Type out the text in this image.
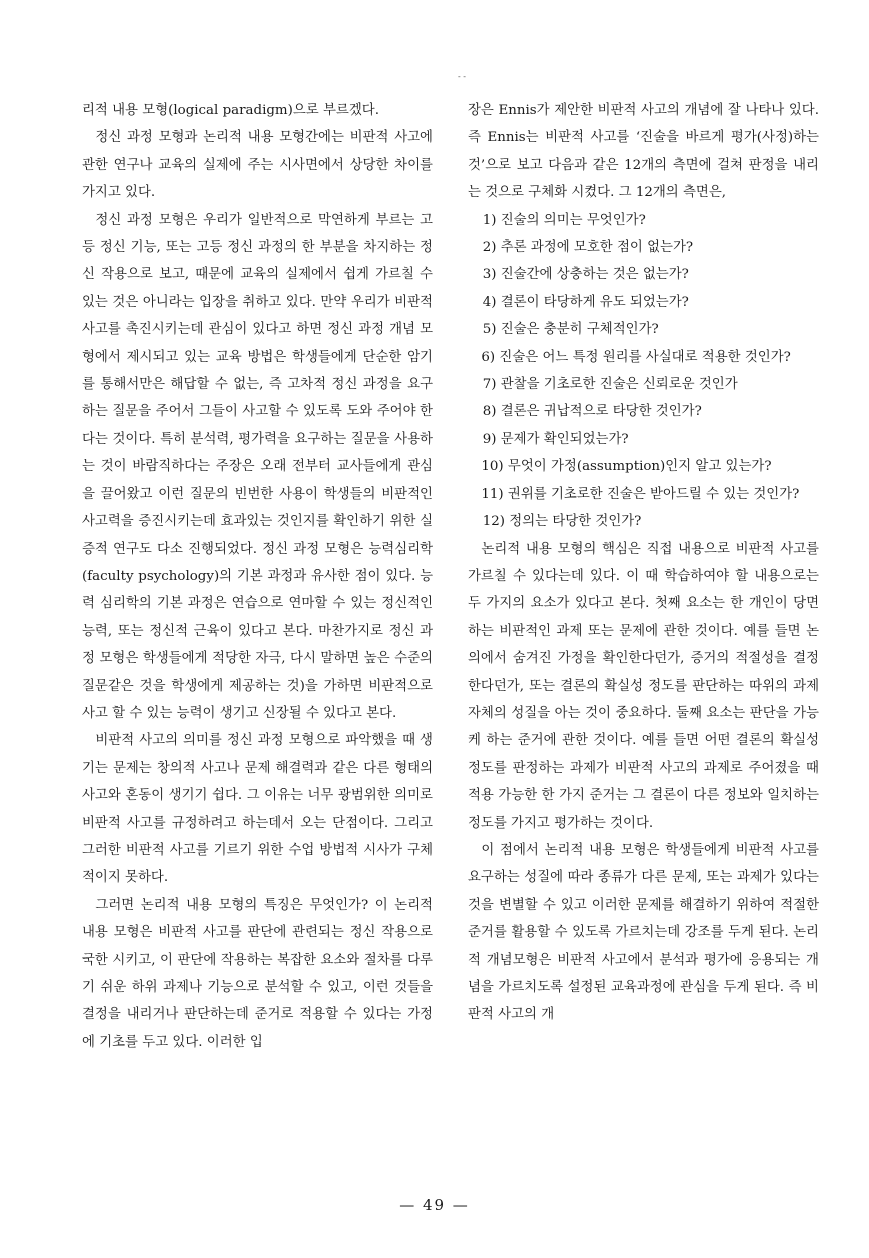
- -

리적 내용 모형(logical paradigm)으로 부르겠다.

정신 과정 모형과 논리적 내용 모형간에는 비판적 사고에 관한 연구나 교육의 실제에 주는 시사면에서 상당한 차이를 가지고 있다.

정신 과정 모형은 우리가 일반적으로 막연하게 부르는 고등 정신 기능, 또는 고등 정신 과정의 한 부분을 차지하는 정신 작용으로 보고, 때문에 교육의 실제에서 쉽게 가르칠 수 있는 것은 아니라는 입장을 취하고 있다. 만약 우리가 비판적 사고를 촉진시키는데 관심이 있다고 하면 정신 과정 개념 모형에서 제시되고 있는 교육 방법은 학생들에게 단순한 암기를 통해서만은 해답할 수 없는, 즉 고차적 정신 과정을 요구하는 질문을 주어서 그들이 사고할 수 있도록 도와 주어야 한다는 것이다. 특히 분석력, 평가력을 요구하는 질문을 사용하는 것이 바람직하다는 주장은 오래 전부터 교사들에게 관심을 끌어왔고 이런 질문의 빈번한 사용이 학생들의 비판적인 사고력을 증진시키는데 효과있는 것인지를 확인하기 위한 실증적 연구도 다소 진행되었다. 정신 과정 모형은 능력심리학(faculty psychology)의 기본 과정과 유사한 점이 있다. 능력 심리학의 기본 과정은 연습으로 연마할 수 있는 정신적인 능력, 또는 정신적 근육이 있다고 본다. 마찬가지로 정신 과정 모형은 학생들에게 적당한 자극, 다시 말하면 높은 수준의 질문같은 것을 학생에게 제공하는 것)을 가하면 비판적으로 사고 할 수 있는 능력이 생기고 신장될 수 있다고 본다.

비판적 사고의 의미를 정신 과정 모형으로 파악했을 때 생기는 문제는 창의적 사고나 문제 해결력과 같은 다른 형태의 사고와 혼동이 생기기 쉽다. 그 이유는 너무 광범위한 의미로 비판적 사고를 규정하려고 하는데서 오는 단점이다. 그리고 그러한 비판적 사고를 기르기 위한 수업 방법적 시사가 구체적이지 못하다.

그러면 논리적 내용 모형의 특징은 무엇인가? 이 논리적 내용 모형은 비판적 사고를 판단에 관련되는 정신 작용으로 국한 시키고, 이 판단에 작용하는 복잡한 요소와 절차를 다루기 쉬운 하위 과제나 기능으로 분석할 수 있고, 이런 것들을 결정을 내리거나 판단하는데 준거로 적용할 수 있다는 가정에 기초를 두고 있다. 이러한 입

장은 Ennis가 제안한 비판적 사고의 개념에 잘 나타나 있다. 즉 Ennis는 비판적 사고를 ‘진술을 바르게 평가(사정)하는 것’으로 보고 다음과 같은 12개의 측면에 걸쳐 판정을 내리는 것으로 구체화 시켰다. 그 12개의 측면은,

1) 진술의 의미는 무엇인가?

2) 추론 과정에 모호한 점이 없는가?

3) 진술간에 상충하는 것은 없는가?

4) 결론이 타당하게 유도 되었는가?

5) 진술은 충분히 구체적인가?

6) 진술은 어느 특정 원리를 사실대로 적용한 것인가?

7) 관찰을 기초로한 진술은 신뢰로운 것인가

8) 결론은 귀납적으로 타당한 것인가?

9) 문제가 확인되었는가?

10) 무엇이 가정(assumption)인지 알고 있는가?

11) 권위를 기초로한 진술은 받아드릴 수 있는 것인가?

12) 정의는 타당한 것인가?

논리적 내용 모형의 핵심은 직접 내용으로 비판적 사고를 가르칠 수 있다는데 있다. 이 때 학습하여야 할 내용으로는 두 가지의 요소가 있다고 본다. 첫째 요소는 한 개인이 당면하는 비판적인 과제 또는 문제에 관한 것이다. 예를 들면 논의에서 숨겨진 가정을 확인한다던가, 증거의 적절성을 결정한다던가, 또는 결론의 확실성 정도를 판단하는 따위의 과제 자체의 성질을 아는 것이 중요하다. 둘째 요소는 판단을 가능케 하는 준거에 관한 것이다. 예를 들면 어떤 결론의 확실성 정도를 판정하는 과제가 비판적 사고의 과제로 주어졌을 때 적용 가능한 한 가지 준거는 그 결론이 다른 정보와 일치하는 정도를 가지고 평가하는 것이다.

이 점에서 논리적 내용 모형은 학생들에게 비판적 사고를 요구하는 성질에 따라 종류가 다른 문제, 또는 과제가 있다는 것을 변별할 수 있고 이러한 문제를 해결하기 위하여 적절한 준거를 활용할 수 있도록 가르치는데 강조를 두게 된다. 논리적 개념모형은 비판적 사고에서 분석과 평가에 응용되는 개념을 가르치도록 설정된 교육과정에 관심을 두게 된다. 즉 비판적 사고의 개

— 49 —
